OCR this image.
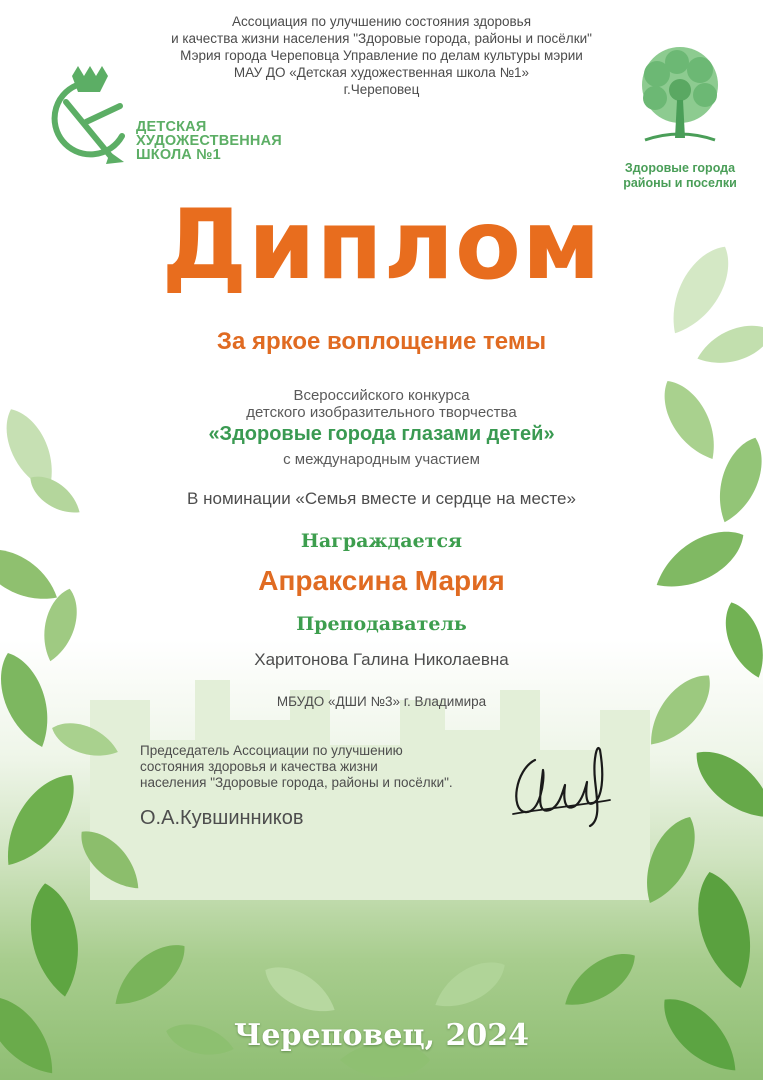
Ассоциация по улучшению состояния здоровья
и качества жизни населения "Здоровые города, районы и посёлки"
Мэрия города Череповца Управление по делам культуры мэрии
МАУ ДО «Детская художественная школа №1»
г.Череповец
ДЕТСКАЯ
ХУДОЖЕСТВЕННАЯ
ШКОЛА №1
Здоровые города
районы и поселки
Диплом
За яркое воплощение темы
Всероссийского конкурса
детского изобразительного творчества
«Здоровые города глазами детей»
с международным участием
В номинации «Семья вместе и сердце на месте»
Награждается
Апраксина Мария
Преподаватель
Харитонова Галина Николаевна
МБУДО «ДШИ №3» г. Владимира
Председатель Ассоциации по улучшению
состояния здоровья и качества жизни
населения "Здоровые города, районы и посёлки".
О.А.Кувшинников
Череповец, 2024
